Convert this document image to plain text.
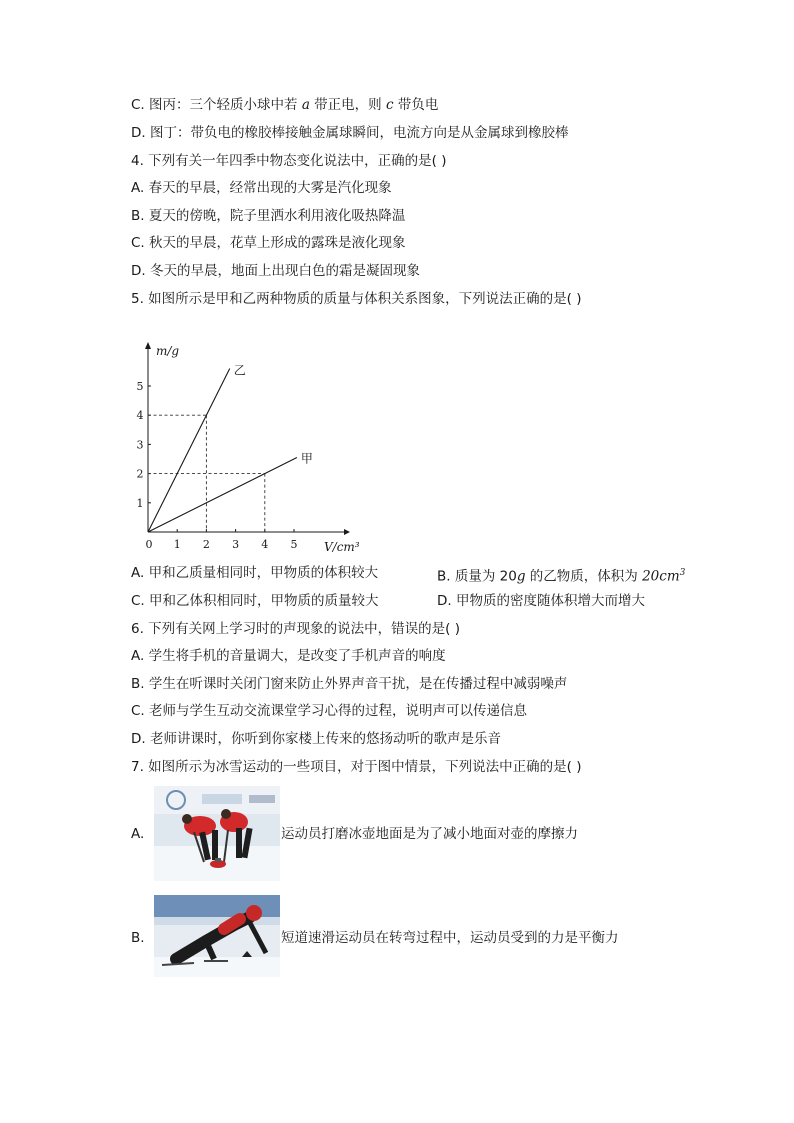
C. 图丙：三个轻质小球中若 a 带正电，则 c 带负电
D. 图丁：带负电的橡胶棒接触金属球瞬间，电流方向是从金属球到橡胶棒
4. 下列有关一年四季中物态变化说法中，正确的是( )
A. 春天的早晨，经常出现的大雾是汽化现象
B. 夏天的傍晚，院子里洒水利用液化吸热降温
C. 秋天的早晨，花草上形成的露珠是液化现象
D. 冬天的早晨，地面上出现白色的霜是凝固现象
5. 如图所示是甲和乙两种物质的质量与体积关系图象，下列说法正确的是( )
0 1 2 3 4 5
1
2
3
4
5
乙
甲
m/g
V/cm³
A. 甲和乙质量相同时，甲物质的体积较大	B. 质量为 20g 的乙物质，体积为 $20cm^3$
C. 甲和乙体积相同时，甲物质的质量较大	D. 甲物质的密度随体积增大而增大
6. 下列有关网上学习时的声现象的说法中，错误的是( )
A. 学生将手机的音量调大，是改变了手机声音的响度
B. 学生在听课时关闭门窗来防止外界声音干扰，是在传播过程中减弱噪声
C. 老师与学生互动交流课堂学习心得的过程，说明声可以传递信息
D. 老师讲课时，你听到你家楼上传来的悠扬动听的歌声是乐音
7. 如图所示为冰雪运动的一些项目，对于图中情景，下列说法中正确的是( )
A.	运动员打磨冰壶地面是为了减小地面对壶的摩擦力
B.	短道速滑运动员在转弯过程中，运动员受到的力是平衡力
